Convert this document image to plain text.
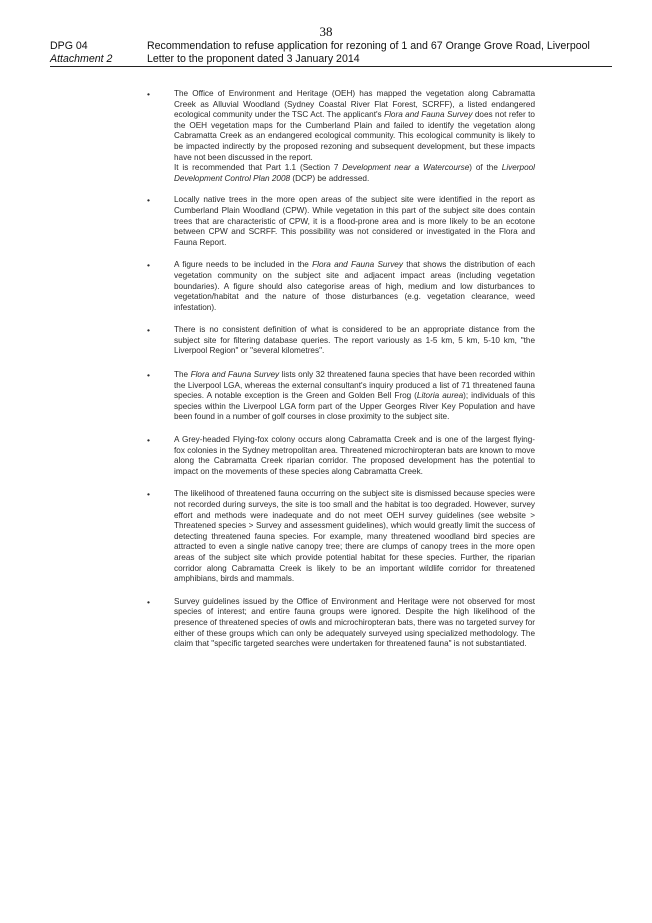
38
DPG 04	Recommendation to refuse application for rezoning of 1 and 67 Orange Grove Road, Liverpool
Attachment 2	Letter to the proponent dated 3 January 2014
•	The Office of Environment and Heritage (OEH) has mapped the vegetation along Cabramatta Creek as Alluvial Woodland (Sydney Coastal River Flat Forest, SCRFF), a listed endangered ecological community under the TSC Act. The applicant's Flora and Fauna Survey does not refer to the OEH vegetation maps for the Cumberland Plain and failed to identify the vegetation along Cabramatta Creek as an endangered ecological community. This ecological community is likely to be impacted indirectly by the proposed rezoning and subsequent development, but these impacts have not been discussed in the report.

It is recommended that Part 1.1 (Section 7 Development near a Watercourse) of the Liverpool Development Control Plan 2008 (DCP) be addressed.

•	Locally native trees in the more open areas of the subject site were identified in the report as Cumberland Plain Woodland (CPW). While vegetation in this part of the subject site does contain trees that are characteristic of CPW, it is a flood-prone area and is more likely to be an ecotone between CPW and SCRFF. This possibility was not considered or investigated in the Flora and Fauna Report.

•	A figure needs to be included in the Flora and Fauna Survey that shows the distribution of each vegetation community on the subject site and adjacent impact areas (including vegetation boundaries). A figure should also categorise areas of high, medium and low disturbances to vegetation/habitat and the nature of those disturbances (e.g. vegetation clearance, weed infestation).

•	There is no consistent definition of what is considered to be an appropriate distance from the subject site for filtering database queries. The report variously as 1-5 km, 5 km, 5-10 km, "the Liverpool Region" or "several kilometres".

•	The Flora and Fauna Survey lists only 32 threatened fauna species that have been recorded within the Liverpool LGA, whereas the external consultant's inquiry produced a list of 71 threatened fauna species. A notable exception is the Green and Golden Bell Frog (Litoria aurea); individuals of this species within the Liverpool LGA form part of the Upper Georges River Key Population and have been found in a number of golf courses in close proximity to the subject site.

•	A Grey-headed Flying-fox colony occurs along Cabramatta Creek and is one of the largest flying-fox colonies in the Sydney metropolitan area. Threatened microchiropteran bats are known to move along the Cabramatta Creek riparian corridor. The proposed development has the potential to impact on the movements of these species along Cabramatta Creek.

•	The likelihood of threatened fauna occurring on the subject site is dismissed because species were not recorded during surveys, the site is too small and the habitat is too degraded. However, survey effort and methods were inadequate and do not meet OEH survey guidelines (see website > Threatened species > Survey and assessment guidelines), which would greatly limit the success of detecting threatened fauna species. For example, many threatened woodland bird species are attracted to even a single native canopy tree; there are clumps of canopy trees in the more open areas of the subject site which provide potential habitat for these species. Further, the riparian corridor along Cabramatta Creek is likely to be an important wildlife corridor for threatened amphibians, birds and mammals.

•	Survey guidelines issued by the Office of Environment and Heritage were not observed for most species of interest; and entire fauna groups were ignored. Despite the high likelihood of the presence of threatened species of owls and microchiropteran bats, there was no targeted survey for either of these groups which can only be adequately surveyed using specialized methodology. The claim that "specific targeted searches were undertaken for threatened fauna" is not substantiated.
